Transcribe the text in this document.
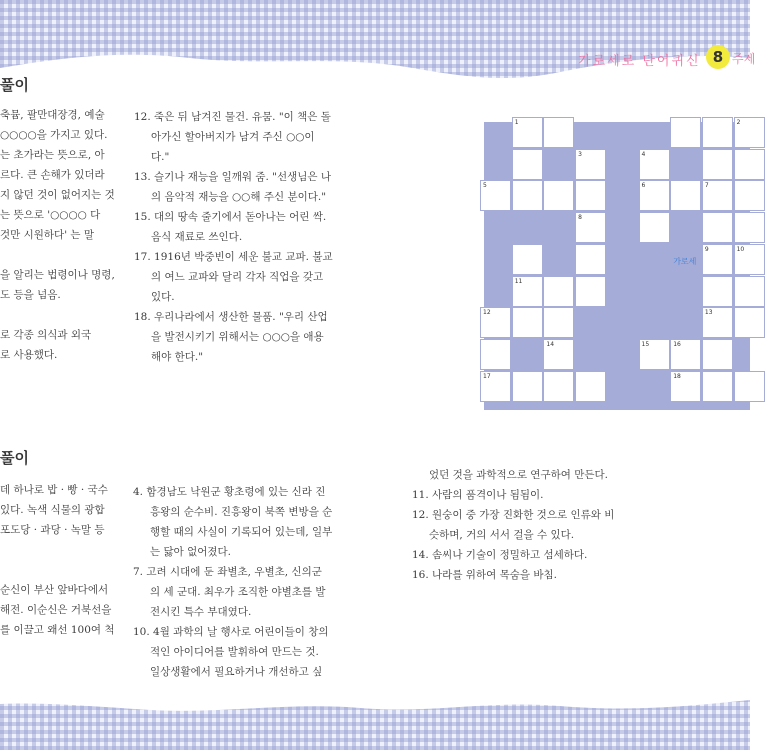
가로세로 단어퀴신 8 주제
풀이
축뮴, 팔만대장경, 예술
○○○○을 가지고 있다.
는 초가라는 뜻으로, 아
르다. 큰 손해가 있더라
지 않던 것이 없어지는 것
는 뜻으로 '○○○○ 다
것만 시원하다' 는 말
을 알리는 법령이나 명령,
도 등을 넘음.
로 각종 의식과 외국
로 사용했다.
12. 죽은 뒤 남겨진 물건. 유뭄. "이 책은 돌
아가신 할아버지가 남겨 주신 ○○이
다."
13. 슬기나 재능을 일깨워 줌. "선생님은 나
의 음악적 재능을 ○○해 주신 분이다."
15. 대의 땅속 줄기에서 돋아나는 어린 싹.
음식 재료로 쓰인다.
17. 1916년 박중빈이 세운 불교 교파. 불교
의 여느 교파와 달리 각자 직업을 갖고
있다.
18. 우리나라에서 생산한 물품. "우리 산업
을 발전시키기 위해서는 ○○○을 애용
해야 한다."
1	2
3	4
5	6	7
8
9	10
11
12	13
14	15	16
17	18
가로세
풀이
데 하나로 밥 · 빵 · 국수
있다. 녹색 식물의 광합
포도당 · 과당 · 녹말 등
순신이 부산 앞바다에서
해전. 이순신은 거북선을
를 이끌고 왜선 100여 척
4. 함경남도 낙원군 황초령에 있는 신라 진
흥왕의 순수비. 진흥왕이 북쪽 변방을 순
행할 때의 사실이 기록되어 있는데, 일부
는 닳아 없어졌다.
7. 고려 시대에 둔 좌별초, 우별초, 신의군
의 세 군대. 최우가 조직한 야별초를 발
전시킨 특수 부대였다.
10. 4월 과학의 날 행사로 어린이들이 창의
적인 아이디어를 발휘하여 만드는 것.
일상생활에서 필요하거나 개선하고 싶
었던 것을 과학적으로 연구하여 만든다.
11. 사람의 품격이나 됨됨이.
12. 원숭이 중 가장 진화한 것으로 인류와 비
슷하며, 거의 서서 걸을 수 있다.
14. 솜씨나 기술이 정밀하고 섬세하다.
16. 나라를 위하여 목숨을 바침.
